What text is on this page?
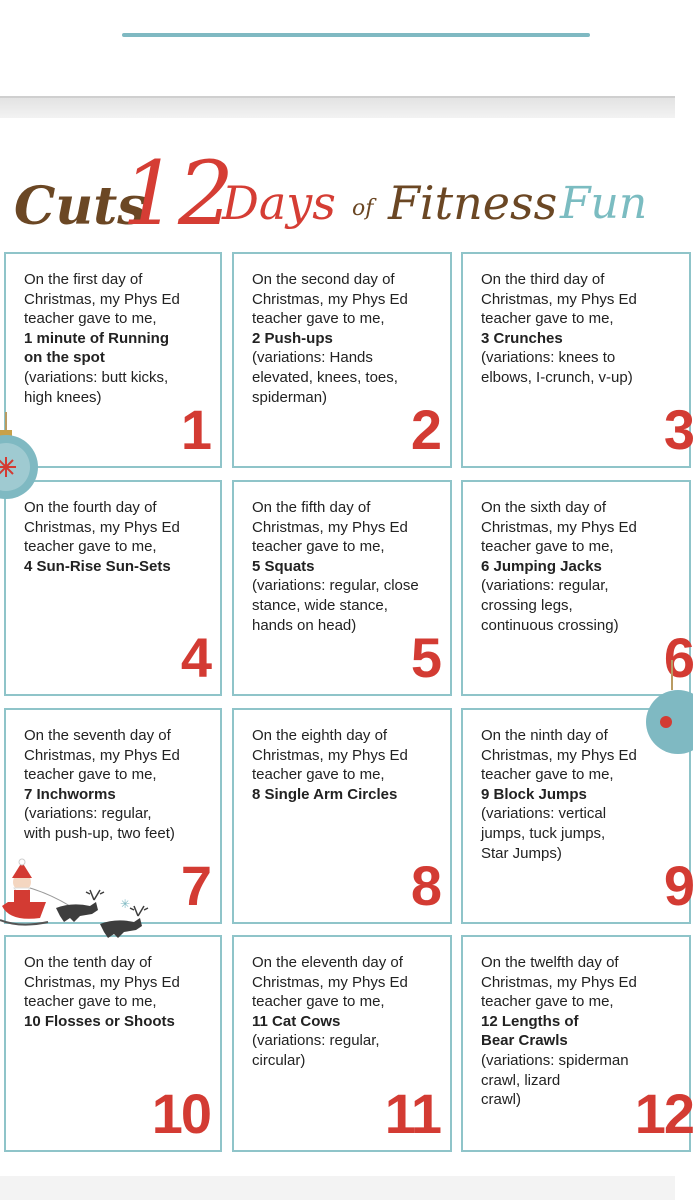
Cuts
12
Days of Fitness Fun
On the first day of
Christmas, my Phys Ed
teacher gave to me,
1 minute of Running
on the spot
(variations: butt kicks,
high knees)
1
On the second day of
Christmas, my Phys Ed
teacher gave to me,
2 Push-ups
(variations: Hands
elevated, knees, toes,
spiderman)
2
On the third day of
Christmas, my Phys Ed
teacher gave to me,
3 Crunches
(variations: knees to
elbows, I-crunch, v-up)
3
On the fourth day of
Christmas, my Phys Ed
teacher gave to me,
4 Sun-Rise Sun-Sets
4
On the fifth day of
Christmas, my Phys Ed
teacher gave to me,
5 Squats
(variations: regular, close
stance, wide stance,
hands on head)
5
On the sixth day of
Christmas, my Phys Ed
teacher gave to me,
6 Jumping Jacks
(variations: regular,
crossing legs,
continuous crossing)
6
On the seventh day of
Christmas, my Phys Ed
teacher gave to me,
7 Inchworms
(variations: regular,
with push-up, two feet)
7
On the eighth day of
Christmas, my Phys Ed
teacher gave to me,
8 Single Arm Circles
8
On the ninth day of
Christmas, my Phys Ed
teacher gave to me,
9 Block Jumps
(variations: vertical
jumps, tuck jumps,
Star Jumps)
9
On the tenth day of
Christmas, my Phys Ed
teacher gave to me,
10 Flosses or Shoots
10
On the eleventh day of
Christmas, my Phys Ed
teacher gave to me,
11 Cat Cows
(variations: regular,
circular)
11
On the twelfth day of
Christmas, my Phys Ed
teacher gave to me,
12 Lengths of
Bear Crawls
(variations: spiderman
crawl, lizard
crawl)	12
✳
